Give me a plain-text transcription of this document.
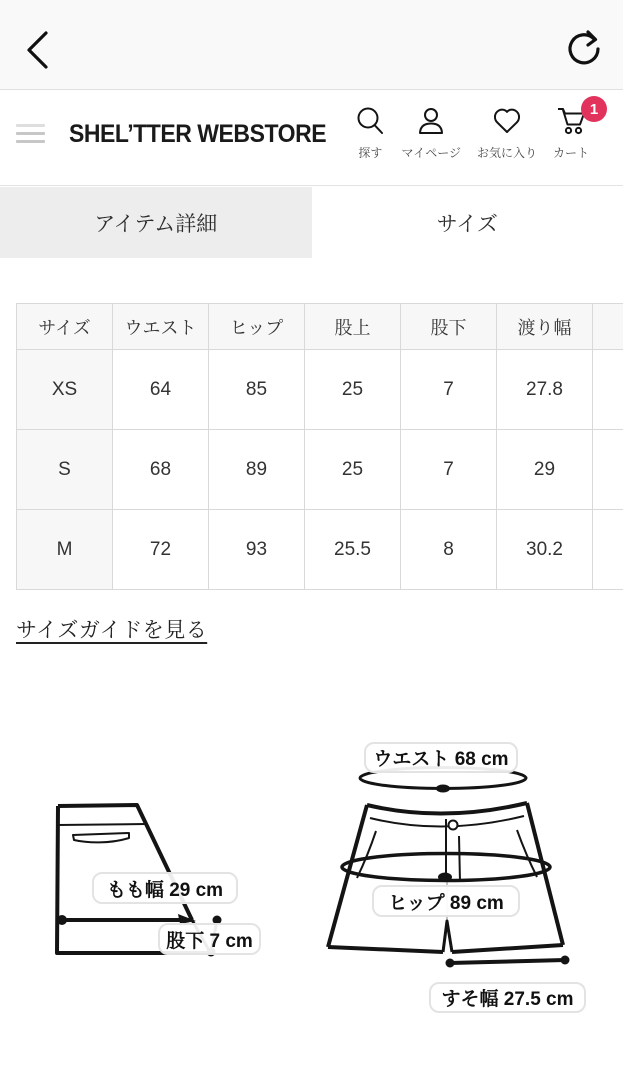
SHEL’TTER WEBSTORE
探す マイページ お気に入り カート
1
アイテム詳細	サイズ
サイズ	ウエスト	ヒップ	股上	股下	渡り幅	
XS	64	85	25	7	27.8	
S	68	89	25	7	29	
M	72	93	25.5	8	30.2	
サイズガイドを見る
ウエスト 68 cm
ヒップ 89 cm
すそ幅 27.5 cm
もも幅 29 cm
股下 7 cm
